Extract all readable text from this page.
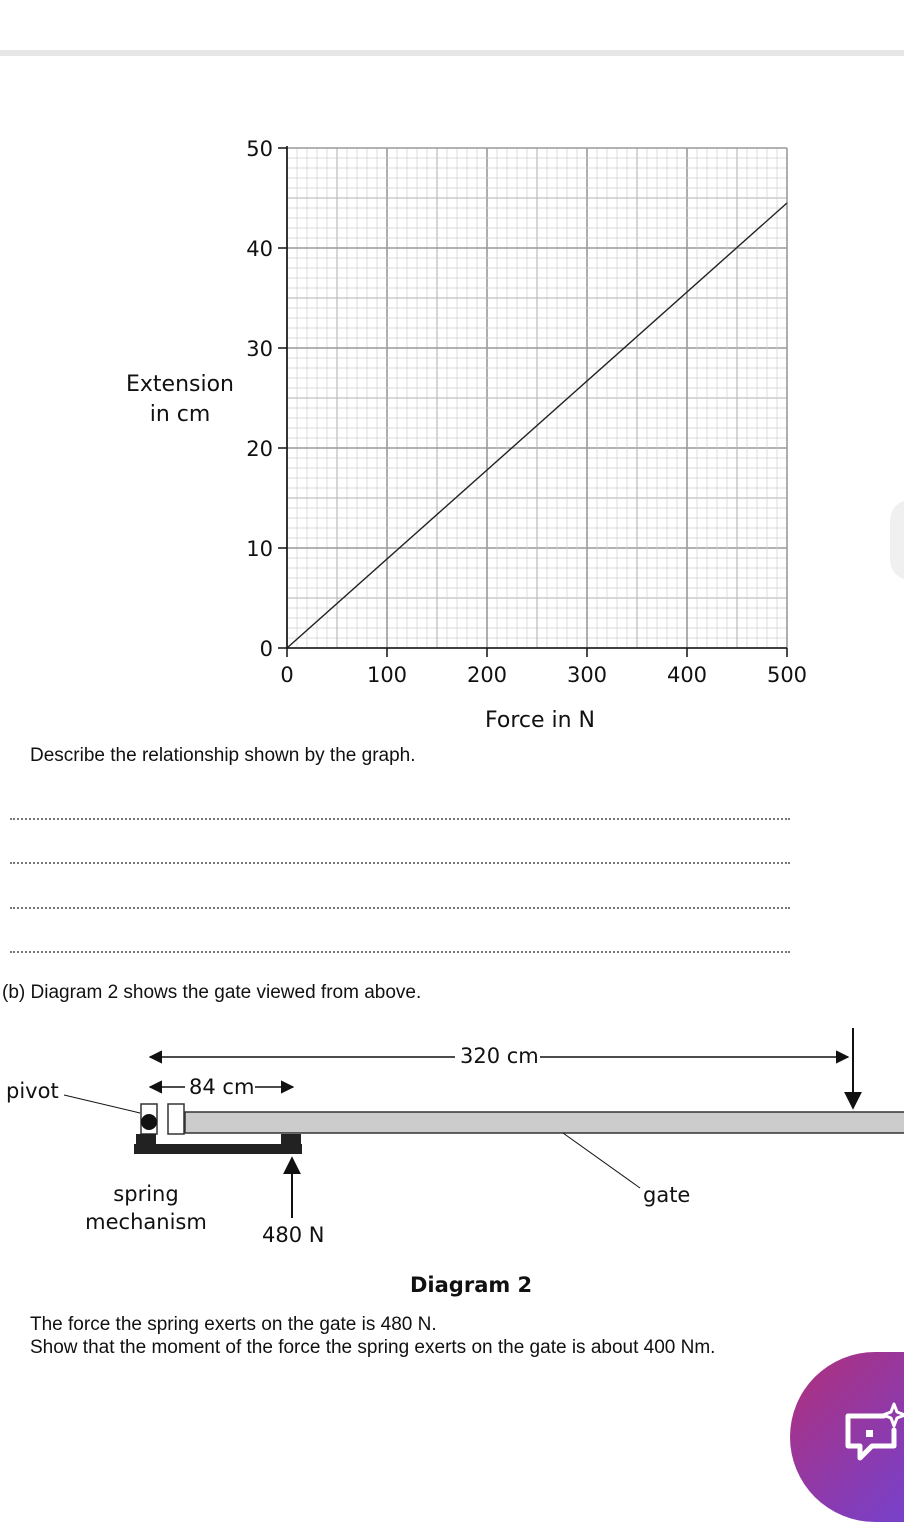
Extension
in cm
0	100	200	300	400	500
0
10
20
30
40
50
Force in N
Describe the relationship shown by the graph.
(b) Diagram 2 shows the gate viewed from above.
320 cm
84 cm
pivot
spring
mechanism
480 N
gate
Diagram 2
The force the spring exerts on the gate is 480 N.
Show that the moment of the force the spring exerts on the gate is about 400 Nm.
